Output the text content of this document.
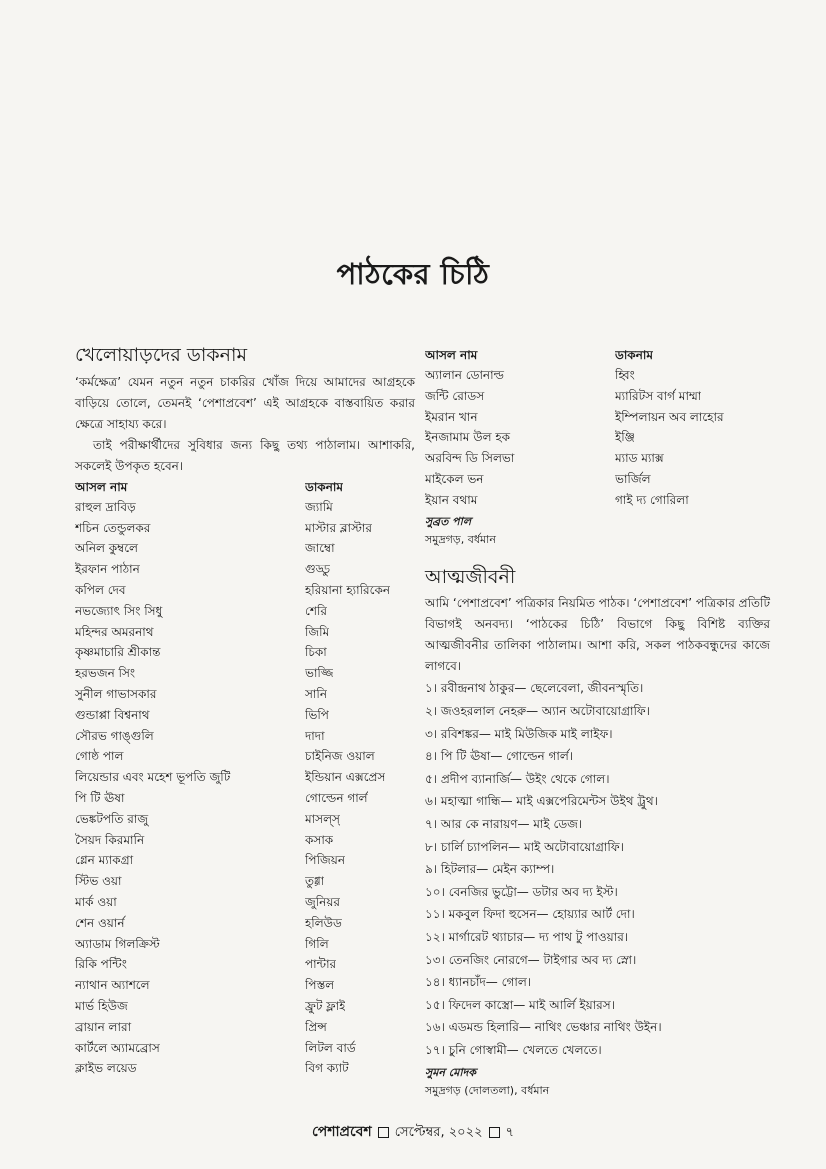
পাঠকের চিঠি
খেলোয়াড়দের ডাকনাম

‘কর্মক্ষেত্র’ যেমন নতুন নতুন চাকরির খোঁজ দিয়ে আমাদের আগ্রহকে বাড়িয়ে তোলে, তেমনই ‘পেশাপ্রবেশ’ এই আগ্রহকে বাস্তবায়িত করার ক্ষেত্রে সাহায্য করে।

তাই পরীক্ষার্থীদের সুবিধার জন্য কিছু তথ্য পাঠালাম। আশাকরি, সকলেই উপকৃত হবেন।

আসল নাম	ডাকনাম
রাহুল দ্রাবিড়	জ্যামি
শচিন তেন্ডুলকর	মাস্টার ব্লাস্টার
অনিল কুম্বলে	জাম্বো
ইরফান পাঠান	গুড্ডু
কপিল দেব	হরিয়ানা হ্যারিকেন
নভজ্যোৎ সিং সিধু	শেরি
মহিন্দর অমরনাথ	জিমি
কৃষ্ণমাচারি শ্রীকান্ত	চিকা
হরভজন সিং	ভাজ্জি
সুনীল গাভাসকার	সানি
গুন্ডাপ্পা বিশ্বনাথ	ভিপি
সৌরভ গাঙ্গুলি	দাদা
গোষ্ঠ পাল	চাইনিজ ওয়াল
লিয়েন্ডার এবং মহেশ ভূপতি জুটি	ইন্ডিয়ান এক্সপ্রেস
পি টি ঊষা	গোল্ডেন গার্ল
ভেঙ্কটপতি রাজু	মাসল্স্
সৈয়দ কিরমানি	কসাক
গ্লেন ম্যাকগ্রা	পিজিয়ন
স্টিভ ওয়া	তুগ্গা
মার্ক ওয়া	জুনিয়র
শেন ওয়ার্ন	হলিউড
অ্যাডাম গিলক্রিস্ট	গিলি
রিকি পন্টিং	পান্টার
ন্যাথান অ্যাশলে	পিস্তল
মার্ভ হিউজ	ফ্রুট ফ্লাই
ব্রায়ান লারা	প্রিন্স
কার্টলে অ্যামব্রোস	লিটল বার্ড
ক্লাইভ লয়েড	বিগ ক্যাট
আসল নাম	ডাকনাম
অ্যালান ডোনাল্ড	হ্বিং
জন্টি রোডস	ম্যারিটস বার্গ মাম্মা
ইমরান খান	ইম্পিলায়ন অব লাহোর
ইনজামাম উল হক	ইঞ্জি
অরবিন্দ ডি সিলভা	ম্যাড ম্যাক্স
মাইকেল ভন	ভার্জিল
ইয়ান বথাম	গাই দ্য গোরিলা
সুব্রত পাল
সমুদ্রগড়, বর্ধমান
আত্মজীবনী

আমি ‘পেশাপ্রবেশ’ পত্রিকার নিয়মিত পাঠক। ‘পেশাপ্রবেশ’ পত্রিকার প্রতিটি বিভাগই অনবদ্য। ‘পাঠকের চিঠি’ বিভাগে কিছু বিশিষ্ট ব্যক্তির আত্মজীবনীর তালিকা পাঠালাম। আশা করি, সকল পাঠকবন্ধুদের কাজে লাগবে।

১। রবীন্দ্রনাথ ঠাকুর— ছেলেবেলা, জীবনস্মৃতি।
২। জওহরলাল নেহরু— অ্যান অটোবায়োগ্রাফি।
৩। রবিশঙ্কর— মাই মিউজিক মাই লাইফ।
৪। পি টি ঊষা— গোল্ডেন গার্ল।
৫। প্রদীপ ব্যানার্জি— উইং থেকে গোল।
৬। মহাত্মা গান্ধি— মাই এক্সপেরিমেন্টস উইথ ট্রুথ।
৭। আর কে নারায়ণ— মাই ডেজ।
৮। চার্লি চ্যাপলিন— মাই অটোবায়োগ্রাফি।
৯। হিটলার— মেইন ক্যাম্প।
১০। বেনজির ভুট্টো— ডটার অব দ্য ইস্ট।
১১। মকবুল ফিদা হুসেন— হোয়্যার আর্ট দো।
১২। মার্গারেট থ্যাচার— দ্য পাথ টু পাওয়ার।
১৩। তেনজিং নোরগে— টাইগার অব দ্য স্নো।
১৪। ধ্যানচাঁদ— গোল।
১৫। ফিদেল কাস্ত্রো— মাই আর্লি ইয়ারস।
১৬। এডমন্ড হিলারি— নাথিং ভেঞ্চার নাথিং উইন।
১৭। চুনি গোস্বামী— খেলতে খেলতে।
সুমন মোদক
সমুদ্রগড় (দোলতলা), বর্ধমান
পেশাপ্রবেশ সেপ্টেম্বর, ২০২২ ৭
